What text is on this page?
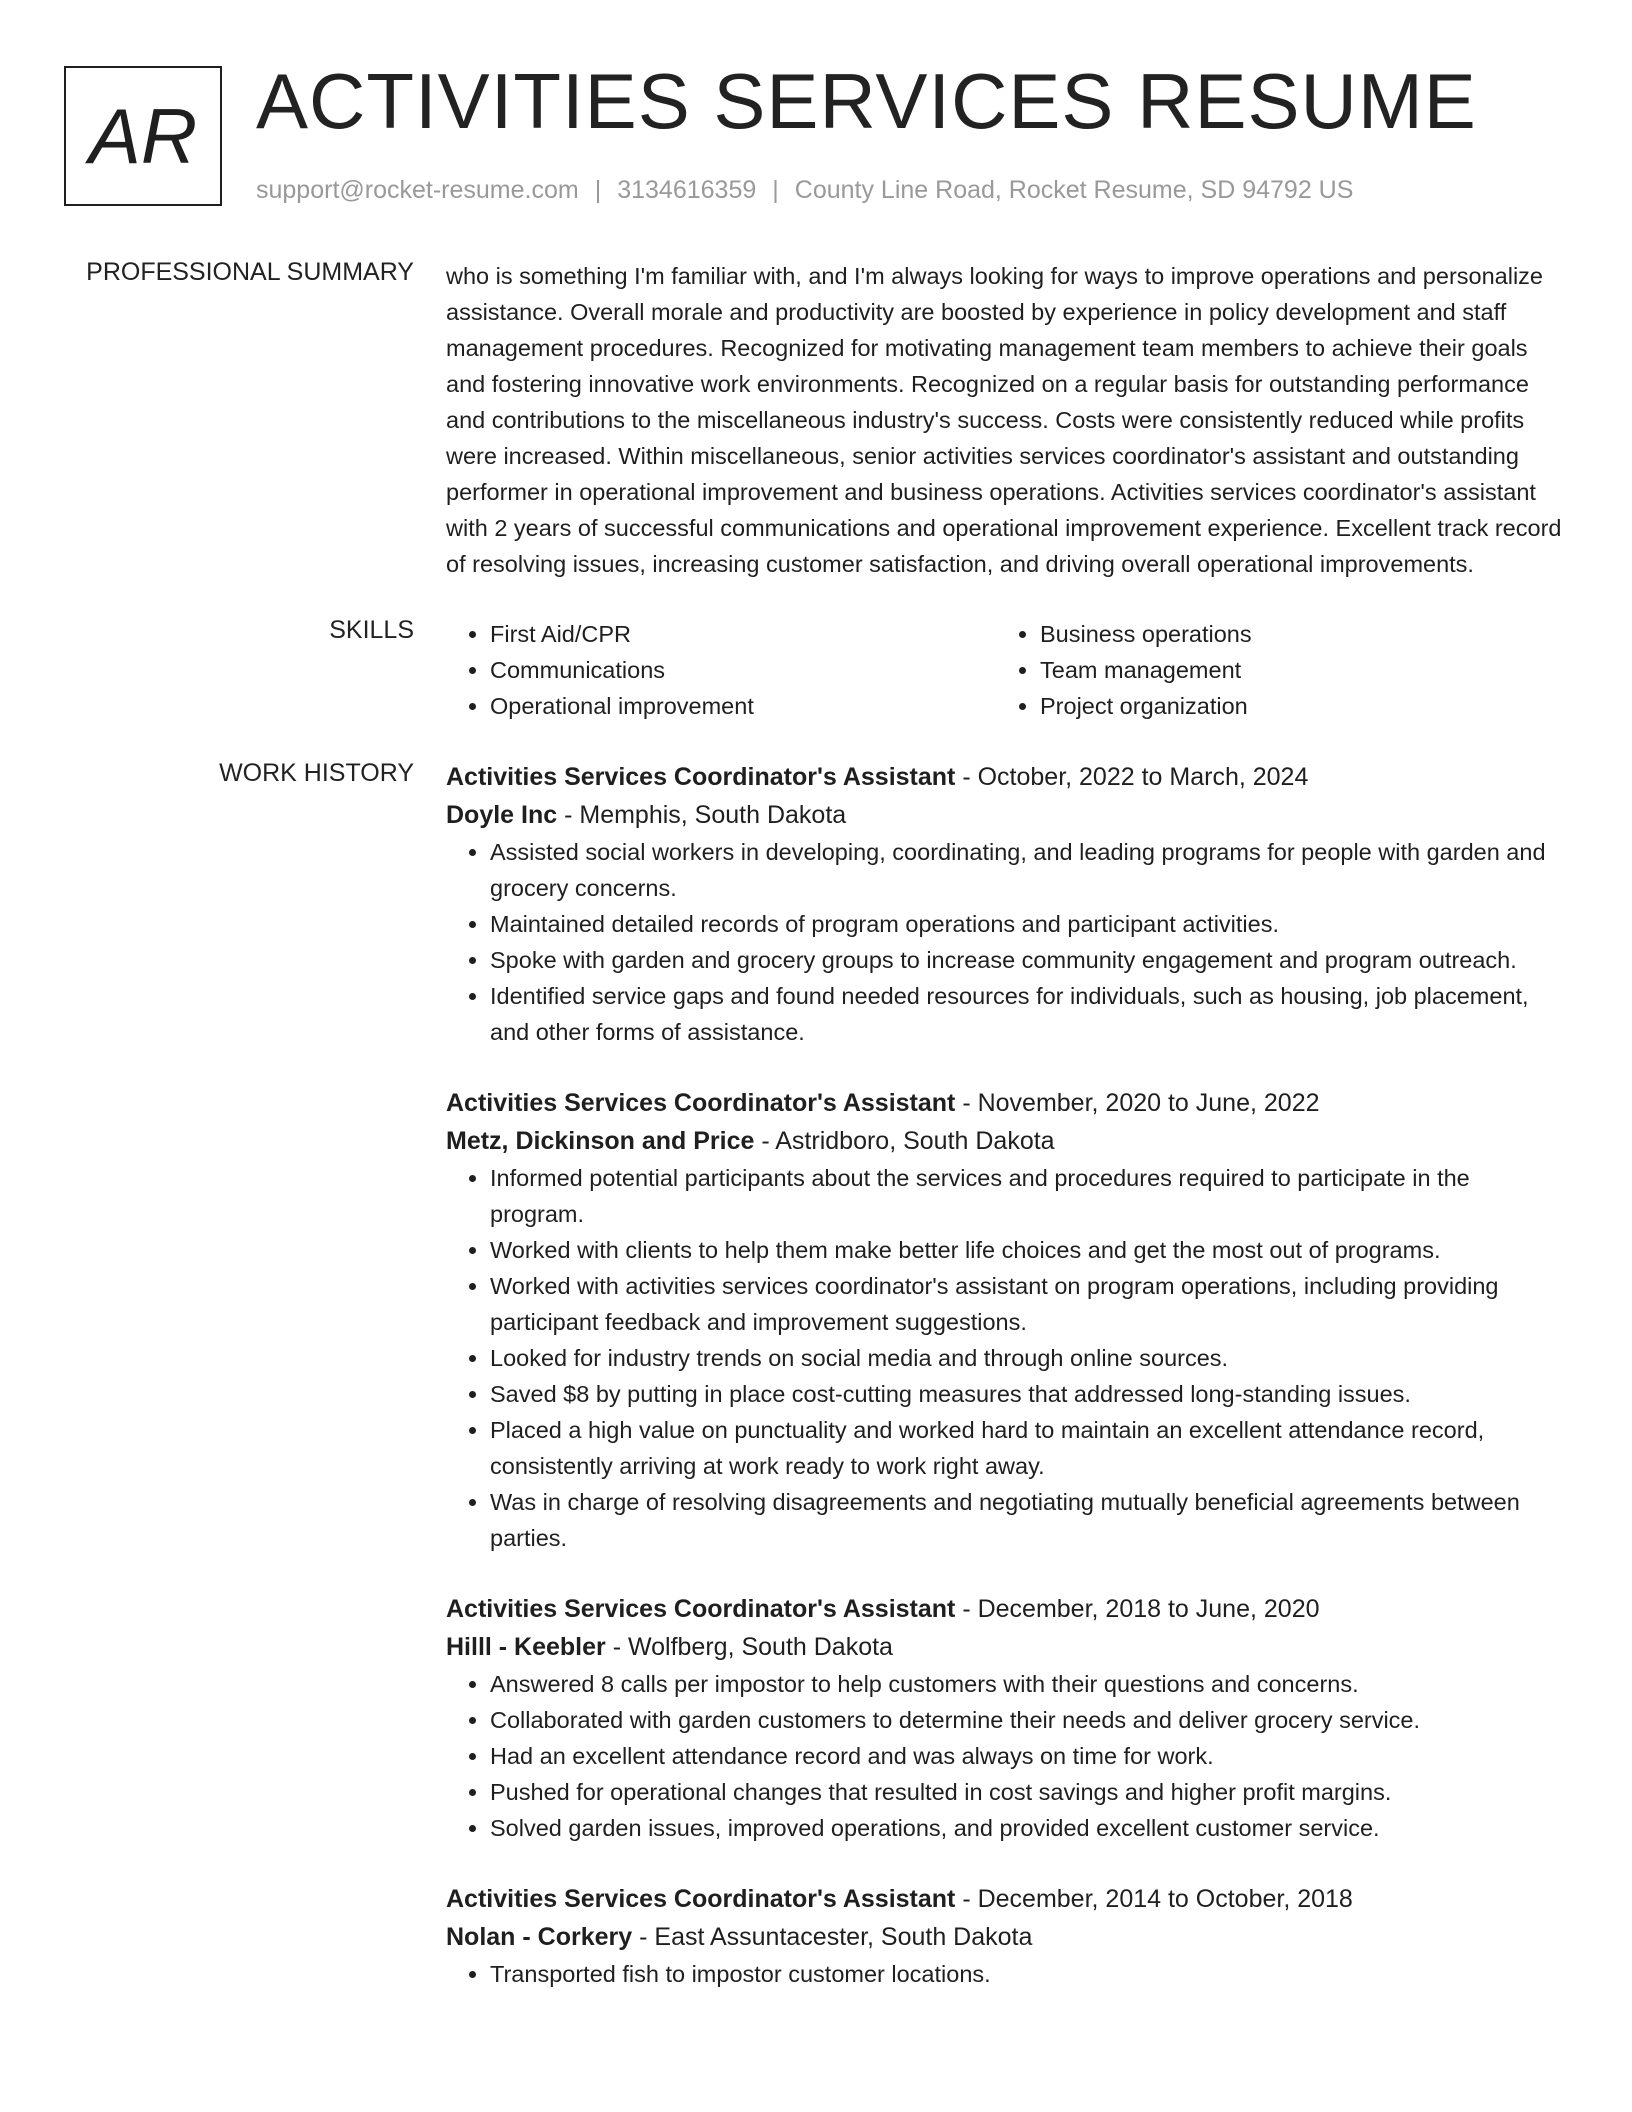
AR ACTIVITIES SERVICES RESUME
support@rocket-resume.com | 3134616359 | County Line Road, Rocket Resume, SD 94792 US
PROFESSIONAL SUMMARY who is something I'm familiar with, and I'm always looking for ways to improve operations and personalize assistance. Overall morale and productivity are boosted by experience in policy development and staff management procedures. Recognized for motivating management team members to achieve their goals and fostering innovative work environments. Recognized on a regular basis for outstanding performance and contributions to the miscellaneous industry's success. Costs were consistently reduced while profits were increased. Within miscellaneous, senior activities services coordinator's assistant and outstanding performer in operational improvement and business operations. Activities services coordinator's assistant with 2 years of successful communications and operational improvement experience. Excellent track record of resolving issues, increasing customer satisfaction, and driving overall operational improvements.

SKILLS
•	First Aid/CPR
• Communications
• Operational improvement
• Business operations
• Team management
• Project organization
WORK HISTORY Activities Services Coordinator's Assistant - October, 2022 to March, 2024
Doyle Inc - Memphis, South Dakota
• Assisted social workers in developing, coordinating, and leading programs for people with garden and grocery concerns.
• Maintained detailed records of program operations and participant activities.
• Spoke with garden and grocery groups to increase community engagement and program outreach.
• Identified service gaps and found needed resources for individuals, such as housing, job placement, and other forms of assistance.
Activities Services Coordinator's Assistant - November, 2020 to June, 2022
Metz, Dickinson and Price - Astridboro, South Dakota
• Informed potential participants about the services and procedures required to participate in the program.
• Worked with clients to help them make better life choices and get the most out of programs.
• Worked with activities services coordinator's assistant on program operations, including providing participant feedback and improvement suggestions.
• Looked for industry trends on social media and through online sources.
• Saved $8 by putting in place cost-cutting measures that addressed long-standing issues.
• Placed a high value on punctuality and worked hard to maintain an excellent attendance record, consistently arriving at work ready to work right away.
• Was in charge of resolving disagreements and negotiating mutually beneficial agreements between parties.
Activities Services Coordinator's Assistant - December, 2018 to June, 2020
Hilll - Keebler - Wolfberg, South Dakota
• Answered 8 calls per impostor to help customers with their questions and concerns.
• Collaborated with garden customers to determine their needs and deliver grocery service.
• Had an excellent attendance record and was always on time for work.
• Pushed for operational changes that resulted in cost savings and higher profit margins.
• Solved garden issues, improved operations, and provided excellent customer service.
Activities Services Coordinator's Assistant - December, 2014 to October, 2018
Nolan - Corkery - East Assuntacester, South Dakota
• Transported fish to impostor customer locations.
